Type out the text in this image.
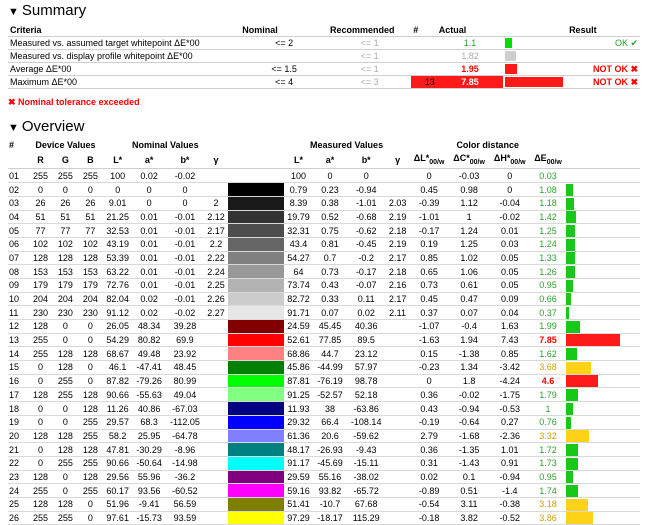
▼ Summary
Criteria	Nominal	Recommended	#	Actual		Result
Measured vs. assumed target whitepoint ΔE*00	<= 2	<= 1		1.1		OK ✔
Measured vs. display profile whitepoint ΔE*00		<= 1		1.82		
Average ΔE*00	<= 1.5	<= 1		1.95		NOT OK ✖
Maximum ΔE*00	<= 4	<= 3	13	7.85		NOT OK ✖
✖ Nominal tolerance exceeded
▼ Overview
#	Device Values			Nominal Values					Measured Values				Color distance				
	R	G	B	L*	a*	b*	γ		L*	a*	b*	γ	$\Delta L*_{00/w}$	$\Delta C*_{00/w}$	$\Delta H*_{00/w}$	$\Delta E_{00/w}$	
01	255	255	255	100	0.02	-0.02			100	0	0		0	-0.03	0	0.03	
02	0	0	0	0	0	0			0.79	0.23	-0.94		0.45	0.98	0	1.08	
03	26	26	26	9.01	0	0	2		8.39	0.38	-1.01	2.03	-0.39	1.12	-0.04	1.18	
04	51	51	51	21.25	0.01	-0.01	2.12		19.79	0.52	-0.68	2.19	-1.01	1	-0.02	1.42	
05	77	77	77	32.53	0.01	-0.01	2.17		32.31	0.75	-0.62	2.18	-0.17	1.24	0.01	1.25	
06	102	102	102	43.19	0.01	-0.01	2.2		43.4	0.81	-0.45	2.19	0.19	1.25	0.03	1.24	
07	128	128	128	53.39	0.01	-0.01	2.22		54.27	0.7	-0.2	2.17	0.85	1.02	0.05	1.33	
08	153	153	153	63.22	0.01	-0.01	2.24		64	0.73	-0.17	2.18	0.65	1.06	0.05	1.26	
09	179	179	179	72.76	0.01	-0.01	2.25		73.74	0.43	-0.07	2.16	0.73	0.61	0.05	0.95	
10	204	204	204	82.04	0.02	-0.01	2.26		82.72	0.33	0.11	2.17	0.45	0.47	0.09	0.66	
11	230	230	230	91.12	0.02	-0.02	2.27		91.71	0.07	0.02	2.11	0.37	0.07	0.04	0.37	
12	128	0	0	26.05	48.34	39.28			24.59	45.45	40.36		-1.07	-0.4	1.63	1.99	
13	255	0	0	54.29	80.82	69.9			52.61	77.85	89.5		-1.63	1.94	7.43	7.85	
14	255	128	128	68.67	49.48	23.92			68.86	44.7	23.12		0.15	-1.38	0.85	1.62	
15	0	128	0	46.1	-47.41	48.45			45.86	-44.99	57.97		-0.23	1.34	-3.42	3.68	
16	0	255	0	87.82	-79.26	80.99			87.81	-76.19	98.78		0	1.8	-4.24	4.6	
17	128	255	128	90.66	-55.63	49.04			91.25	-52.57	52.18		0.36	-0.02	-1.75	1.79	
18	0	0	128	11.26	40.86	-67.03			11.93	38	-63.86		0.43	-0.94	-0.53	1	
19	0	0	255	29.57	68.3	-112.05			29.32	66.4	-108.14		-0.19	-0.64	0.27	0.76	
20	128	128	255	58.2	25.95	-64.78			61.36	20.6	-59.62		2.79	-1.68	-2.36	3.32	
21	0	128	128	47.81	-30.29	-8.96			48.17	-26.93	-9.43		0.36	-1.35	1.01	1.72	
22	0	255	255	90.66	-50.64	-14.98			91.17	-45.69	-15.11		0.31	-1.43	0.91	1.73	
23	128	0	128	29.56	55.96	-36.2			29.59	55.16	-38.02		0.02	0.1	-0.94	0.95	
24	255	0	255	60.17	93.56	-60.52			59.16	93.82	-65.72		-0.89	0.51	-1.4	1.74	
25	128	128	0	51.96	-9.41	56.59			51.41	-10.7	67.68		-0.54	3.11	-0.38	3.18	
26	255	255	0	97.61	-15.73	93.59			97.29	-18.17	115.29		-0.18	3.82	-0.52	3.86	
